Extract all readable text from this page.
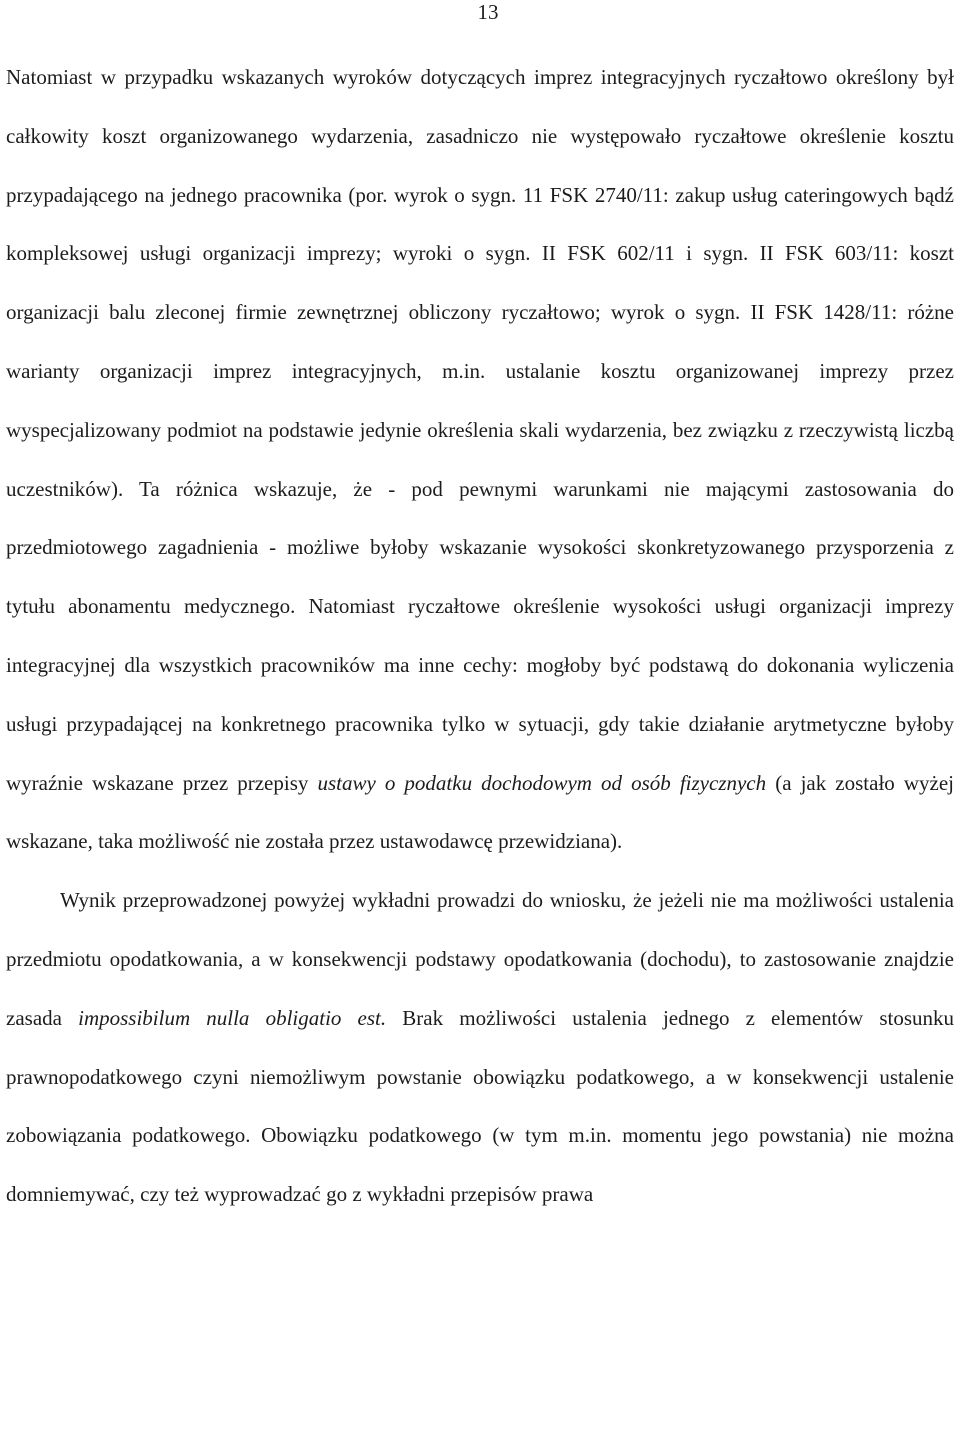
13

Natomiast w przypadku wskazanych wyroków dotyczących imprez integracyjnych ryczałtowo określony był całkowity koszt organizowanego wydarzenia, zasadniczo nie występowało ryczałtowe określenie kosztu przypadającego na jednego pracownika (por. wyrok o sygn. 11 FSK 2740/11: zakup usług cateringowych bądź kompleksowej usługi organizacji imprezy; wyroki o sygn. II FSK 602/11 i sygn. II FSK 603/11: koszt organizacji balu zleconej firmie zewnętrznej obliczony ryczałtowo; wyrok o sygn. II FSK 1428/11: różne warianty organizacji imprez integracyjnych, m.in. ustalanie kosztu organizowanej imprezy przez wyspecjalizowany podmiot na podstawie jedynie określenia skali wydarzenia, bez związku z rzeczywistą liczbą uczestników). Ta różnica wskazuje, że - pod pewnymi warunkami nie mającymi zastosowania do przedmiotowego zagadnienia - możliwe byłoby wskazanie wysokości skonkretyzowanego przysporzenia z tytułu abonamentu medycznego. Natomiast ryczałtowe określenie wysokości usługi organizacji imprezy integracyjnej dla wszystkich pracowników ma inne cechy: mogłoby być podstawą do dokonania wyliczenia usługi przypadającej na konkretnego pracownika tylko w sytuacji, gdy takie działanie arytmetyczne byłoby wyraźnie wskazane przez przepisy ustawy o podatku dochodowym od osób fizycznych (a jak zostało wyżej wskazane, taka możliwość nie została przez ustawodawcę przewidziana).

Wynik przeprowadzonej powyżej wykładni prowadzi do wniosku, że jeżeli nie ma możliwości ustalenia przedmiotu opodatkowania, a w konsekwencji podstawy opodatkowania (dochodu), to zastosowanie znajdzie zasada impossibilum nulla obligatio est. Brak możliwości ustalenia jednego z elementów stosunku prawnopodatkowego czyni niemożliwym powstanie obowiązku podatkowego, a w konsekwencji ustalenie zobowiązania podatkowego. Obowiązku podatkowego (w tym m.in. momentu jego powstania) nie można domniemywać, czy też wyprowadzać go z wykładni przepisów prawa
